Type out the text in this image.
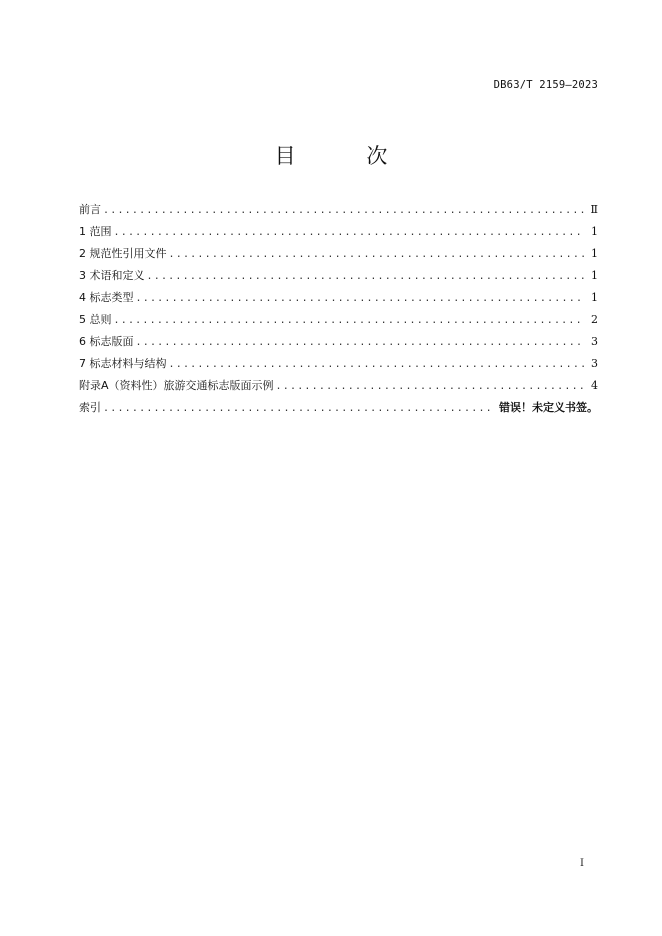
DB63/T 2159—2023
目 次
前言 .....	Ⅱ
1 范围 .....	1
2 规范性引用文件 .....	1
3 术语和定义 .....	1
4 标志类型 .....	1
5 总则 .....	2
6 标志版面 .....	3
7 标志材料与结构 .....	3
附录A（资料性）旅游交通标志版面示例 .....	4
索引 .....	错误！未定义书签。
I
